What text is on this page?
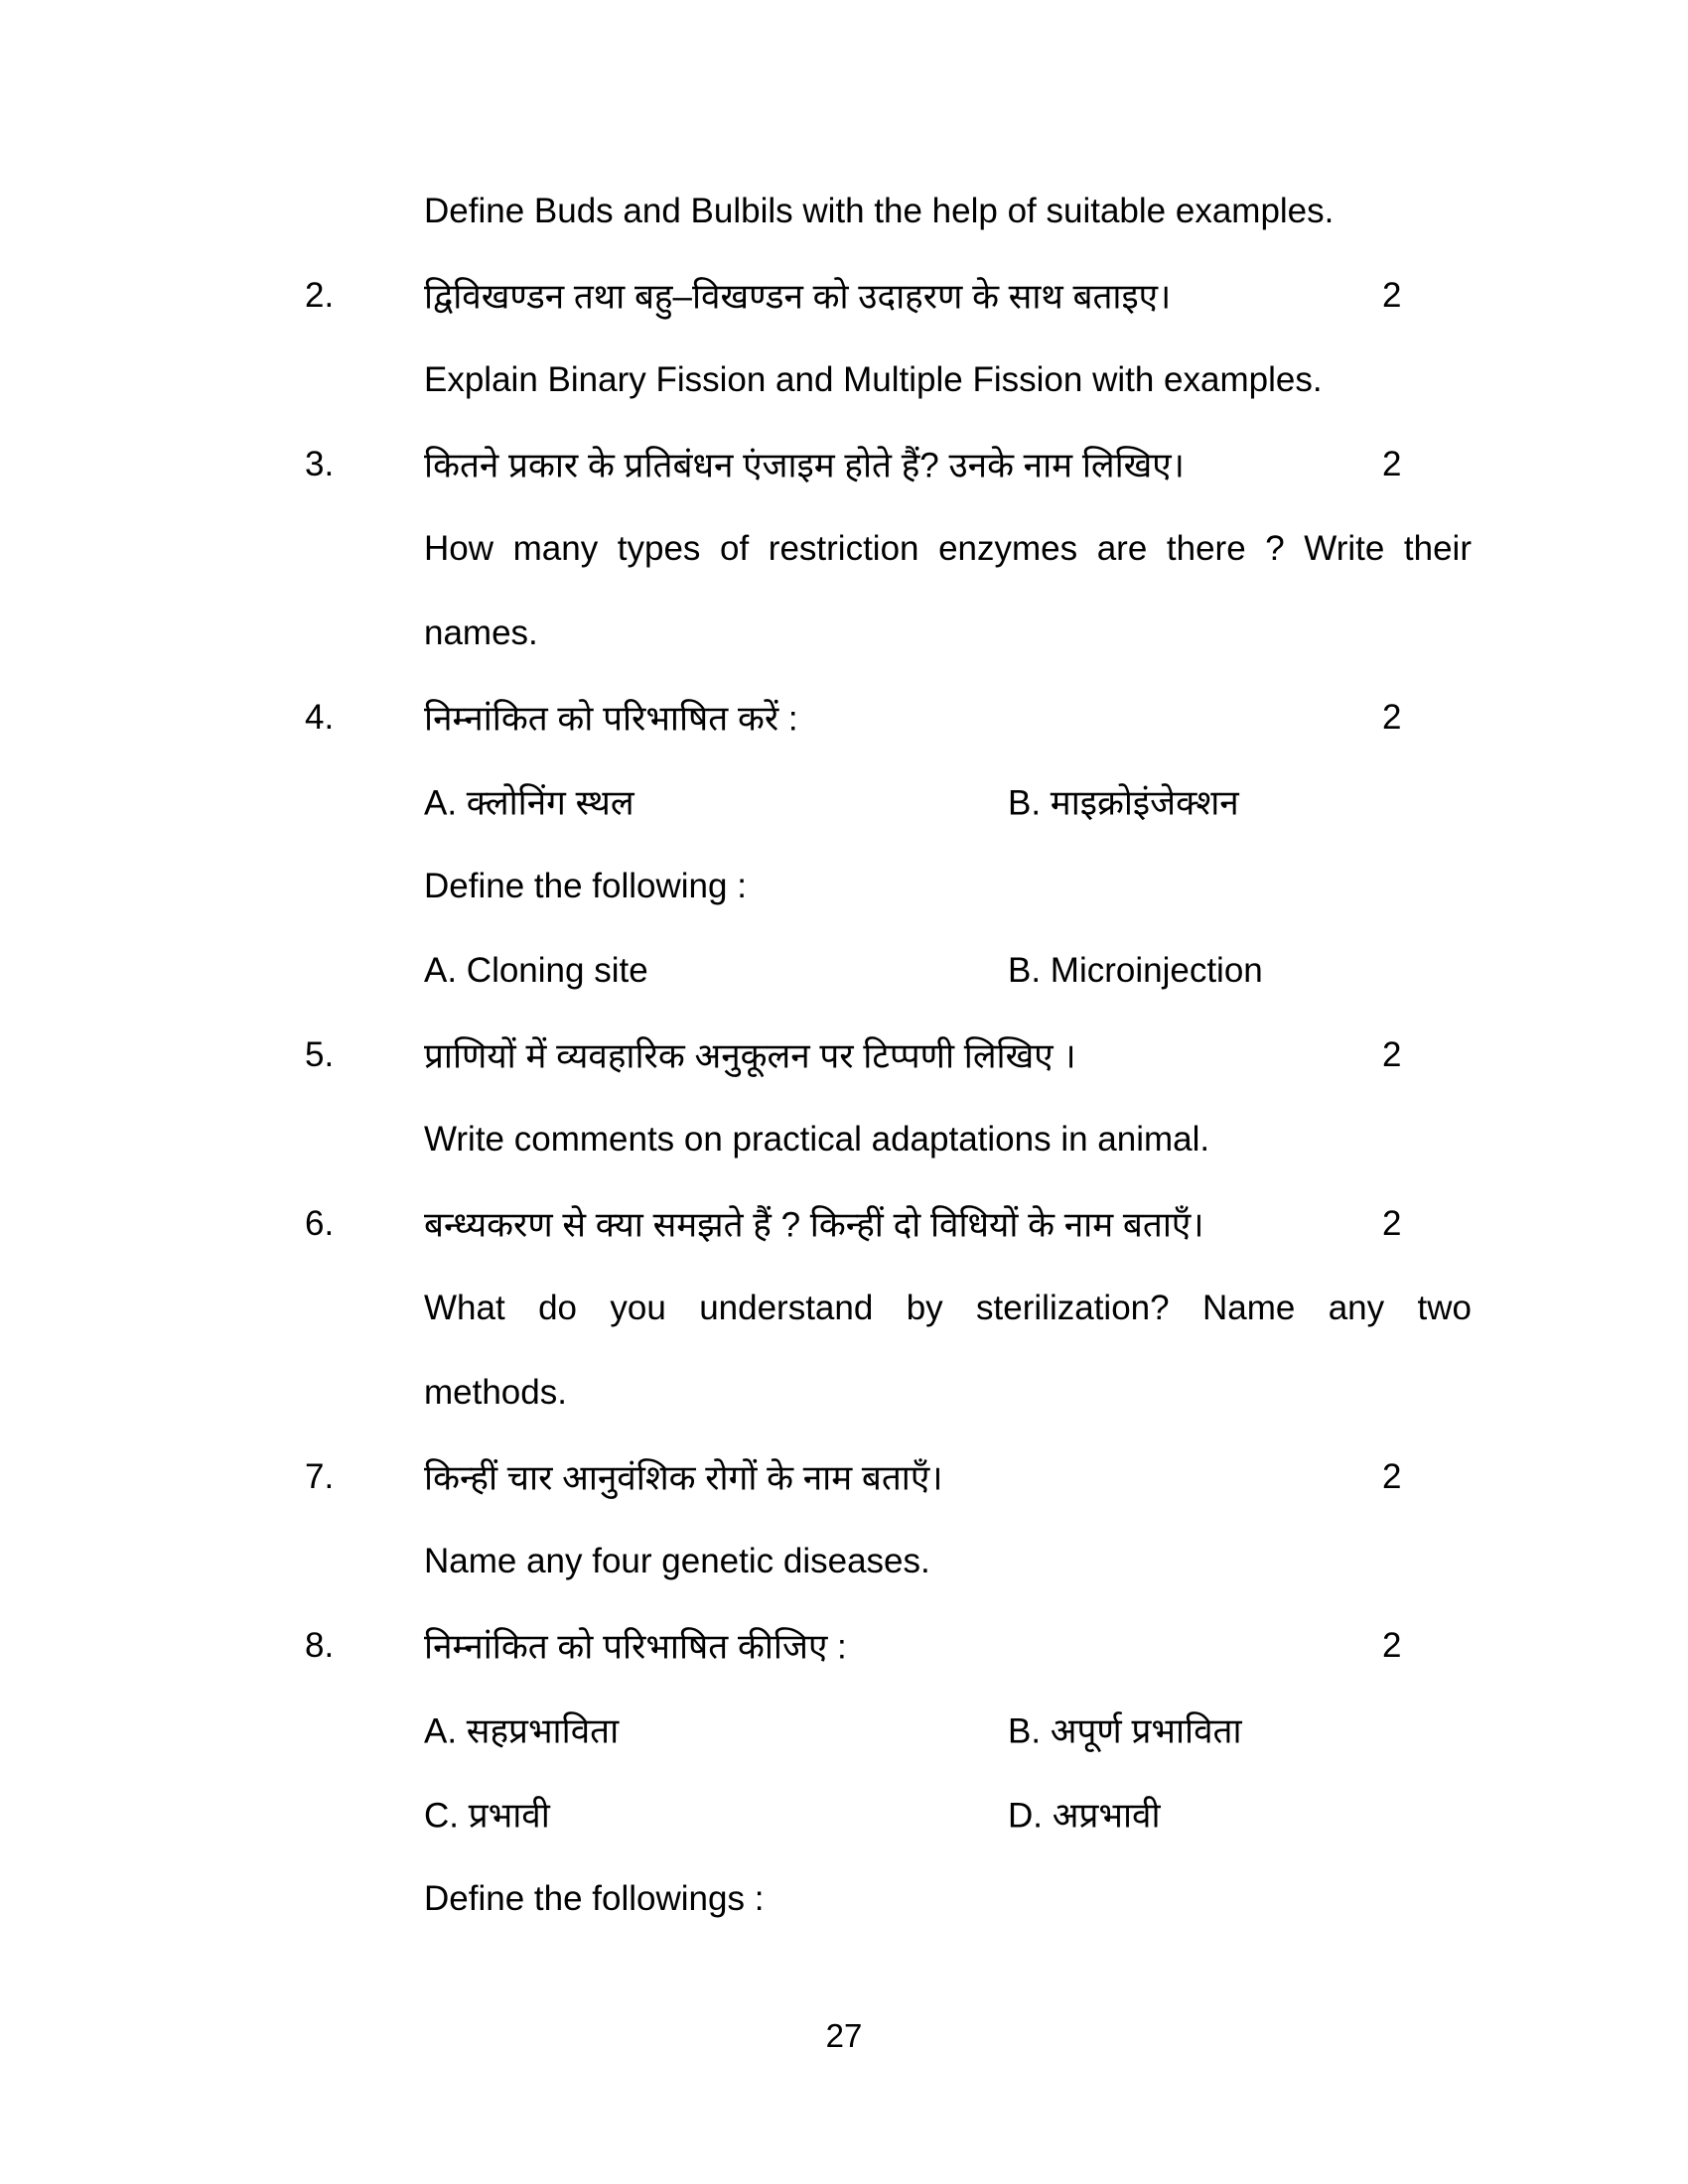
Define Buds and Bulbils with the help of suitable examples.
2.	द्विविखण्डन तथा बहु–विखण्डन को उदाहरण के साथ बताइए।	2
Explain Binary Fission and Multiple Fission with examples.
3.	कितने प्रकार के प्रतिबंधन एंजाइम होते हैं? उनके नाम लिखिए।	2
How many types of restriction enzymes are there ? Write their
names.
4.	निम्नांकित को परिभाषित करें :	2
A. क्लोनिंग स्थल	B. माइक्रोइंजेक्शन
Define the following :
A. Cloning site	B. Microinjection
5.	प्राणियों में व्यवहारिक अनुकूलन पर टिप्पणी लिखिए ।	2
Write comments on practical adaptations in animal.
6.	बन्ध्यकरण से क्या समझते हैं ? किन्हीं दो विधियों के नाम बताएँ।	2
What do you understand by sterilization? Name any two
methods.
7.	किन्हीं चार आनुवंशिक रोगों के नाम बताएँ।	2
Name any four genetic diseases.
8.	निम्नांकित को परिभाषित कीजिए :	2
A. सहप्रभाविता	B. अपूर्ण प्रभाविता
C. प्रभावी	D. अप्रभावी
Define the followings :
27
